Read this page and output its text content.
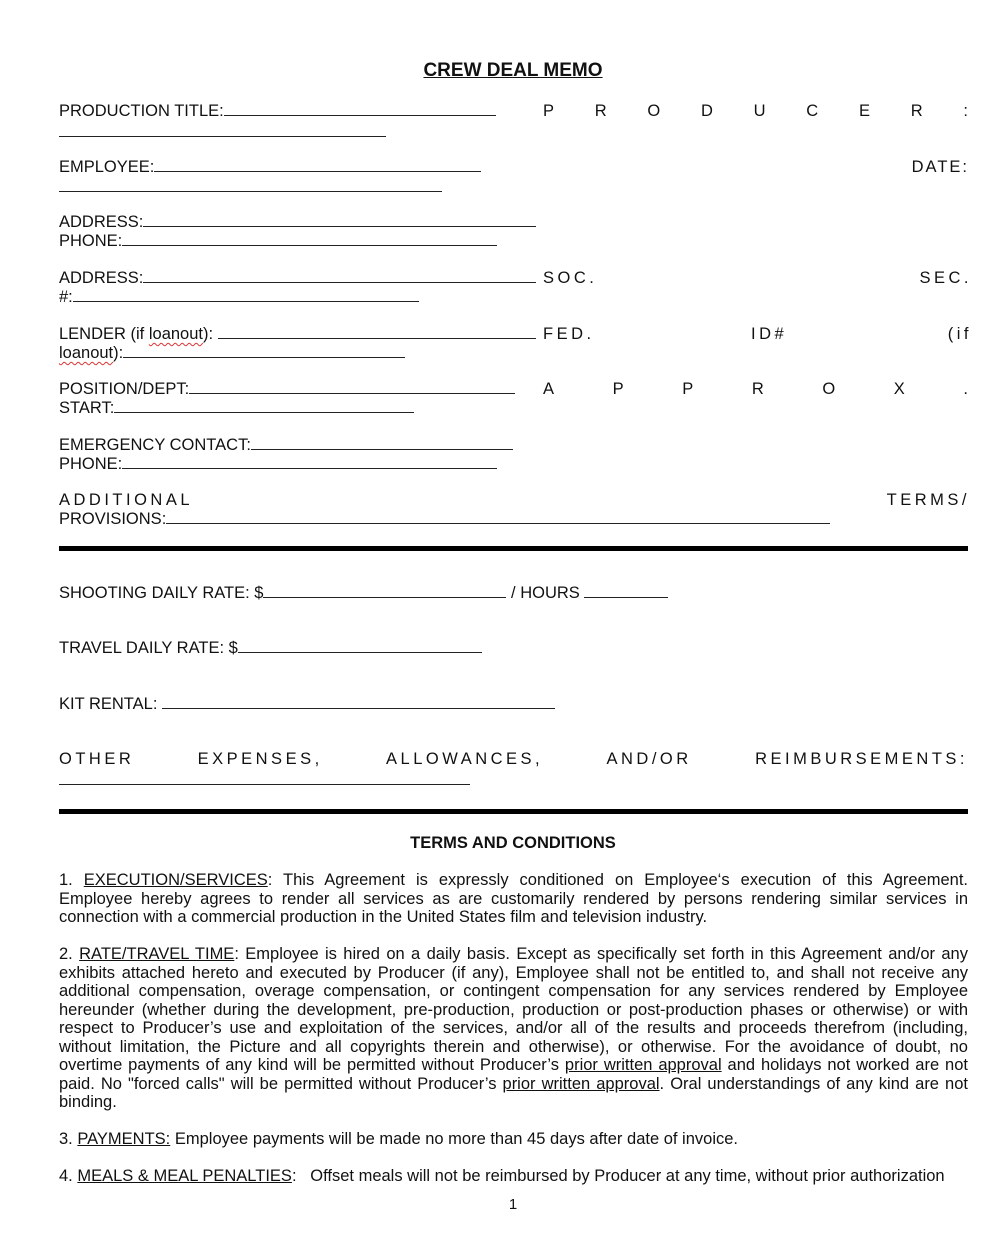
CREW DEAL MEMO
PRODUCTION TITLE:	P R O D U C E R :
EMPLOYEE:	DATE:
ADDRESS:
PHONE:
ADDRESS:	SOC.	SEC.
#:
LENDER (if loanout):	FED.	ID#	(if
loanout):
POSITION/DEPT:	A	P	P	R	O	X	.
START:
EMERGENCY CONTACT:
PHONE:
ADDITIONAL	TERMS/
PROVISIONS:
SHOOTING DAILY RATE: $	/ HOURS
TRAVEL DAILY RATE: $
KIT RENTAL:
OTHER	EXPENSES,	ALLOWANCES,	AND/OR	REIMBURSEMENTS:
TERMS AND CONDITIONS
1. EXECUTION/SERVICES: This Agreement is expressly conditioned on Employee‘s execution of this Agreement. Employee hereby agrees to render all services as are customarily rendered by persons rendering similar services in connection with a commercial production in the United States film and television industry.
2. RATE/TRAVEL TIME: Employee is hired on a daily basis. Except as specifically set forth in this Agreement and/or any exhibits attached hereto and executed by Producer (if any), Employee shall not be entitled to, and shall not receive any additional compensation, overage compensation, or contingent compensation for any services rendered by Employee hereunder (whether during the development, pre-production, production or post-production phases or otherwise) or with respect to Producer’s use and exploitation of the services, and/or all of the results and proceeds therefrom (including, without limitation, the Picture and all copyrights therein and otherwise), or otherwise. For the avoidance of doubt, no overtime payments of any kind will be permitted without Producer’s prior written approval and holidays not worked are not paid. No "forced calls" will be permitted without Producer’s prior written approval. Oral understandings of any kind are not binding.
3. PAYMENTS: Employee payments will be made no more than 45 days after date of invoice.
4. MEALS & MEAL PENALTIES:   Offset meals will not be reimbursed by Producer at any time, without prior authorization
1
